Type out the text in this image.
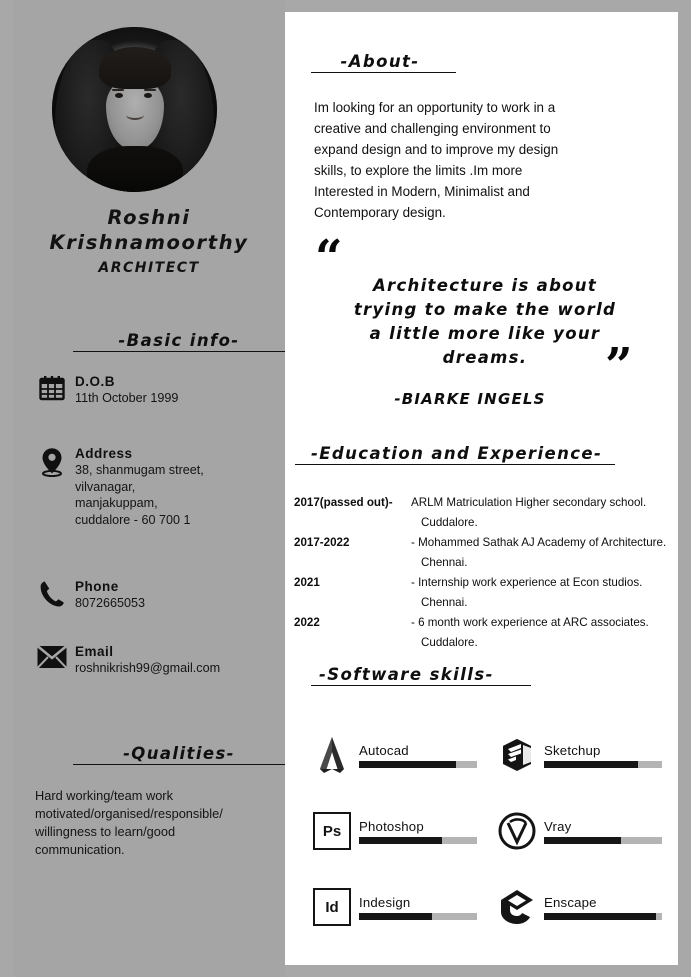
Roshni
Krishnamoorthy
ARCHITECT
-Basic info-
D.O.B
11th October 1999
Address
38, shanmugam street,
vilvanagar,
manjakuppam,
cuddalore - 60 700 1
Phone
8072665053
Email
roshnikrish99@gmail.com
-Qualities-
Hard working/team work
motivated/organised/responsible/
willingness to learn/good
communication.
-About-
Im looking for an opportunity to work in a
creative and challenging environment to
expand design and to improve my design
skills, to explore the limits .Im more
Interested in Modern, Minimalist and
Contemporary design.
“	Architecture is about
trying to make the world
a little more like your
dreams.	”
-BIARKE INGELS
-Education and Experience-
2017(passed out)-	ARLM Matriculation Higher secondary school.
Cuddalore.
2017-2022	- Mohammed Sathak AJ Academy of Architecture.
Chennai.
2021	- Internship work experience at Econ studios.
Chennai.
2022	- 6 month work experience at ARC associates.
Cuddalore.
-Software skills-
Autocad	Sketchup
Ps	Photoshop	Vray
Id	Indesign	Enscape
